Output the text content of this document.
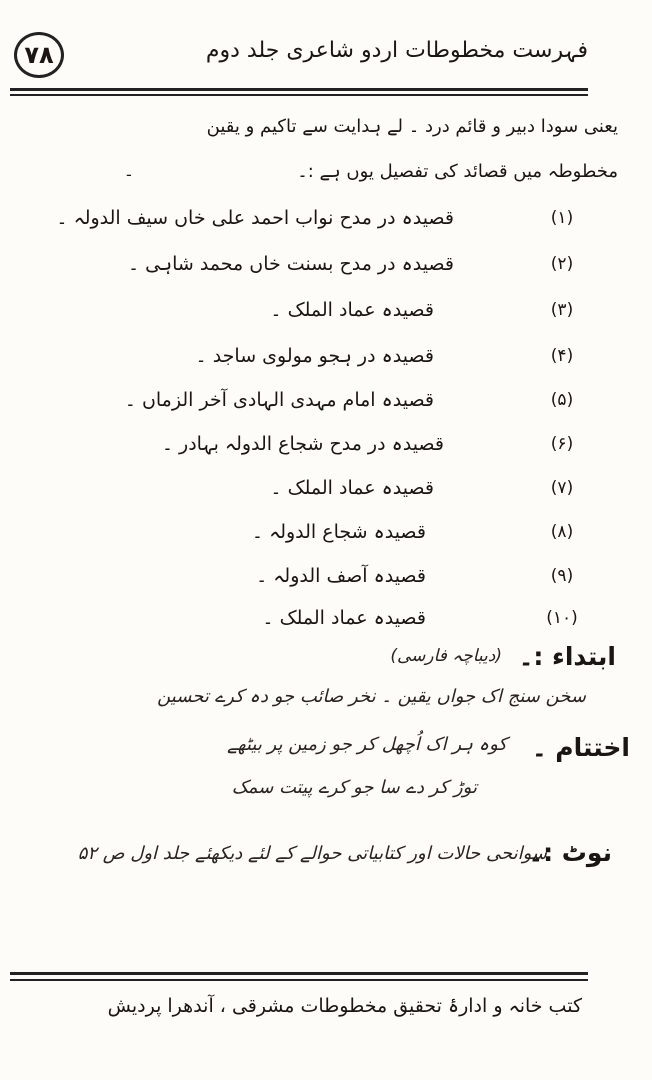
۷۸	فہرست مخطوطات اردو شاعری جلد دوم
یعنی سودا دبیر و قائم درد ۔ لے ہدایت سے تاکیم و یقین
مخطوطہ میں قصائد کی تفصیل یوں ہے :۔
-
قصیدہ در مدح نواب احمد علی خاں سیف الدولہ ۔	(۱)
قصیدہ در مدح بسنت خاں محمد شاہی ۔	(۲)
قصیدہ عماد الملک ۔	(۳)
قصیدہ در ہجو مولوی ساجد ۔	(۴)
قصیدہ امام مہدی الہادی آخر الزماں ۔	(۵)
قصیدہ در مدح شجاع الدولہ بہادر ۔	(۶)
قصیدہ عماد الملک ۔	(۷)
قصیدہ شجاع الدولہ ۔	(۸)
قصیدہ آصف الدولہ ۔	(۹)
قصیدہ عماد الملک ۔	(۱۰)
ابتداء :۔
(دیباچہ فارسی)
سخن سنج اک جواں یقین ۔ نخر صائب جو دہ کرے تحسین
اختتام ۔
کوہ ہر اک اُچھل کر جو زمین پر بیٹھے
توڑ کر دے سا جو کرے پیتت سمک
نوٹ :۔
سوانحی حالات اور کتابیاتی حوالے کے لئے دیکھئے جلد اول ص ۵۲
کتب خانہ و ادارۂ تحقیق مخطوطات مشرقی ، آندھرا پردیش
